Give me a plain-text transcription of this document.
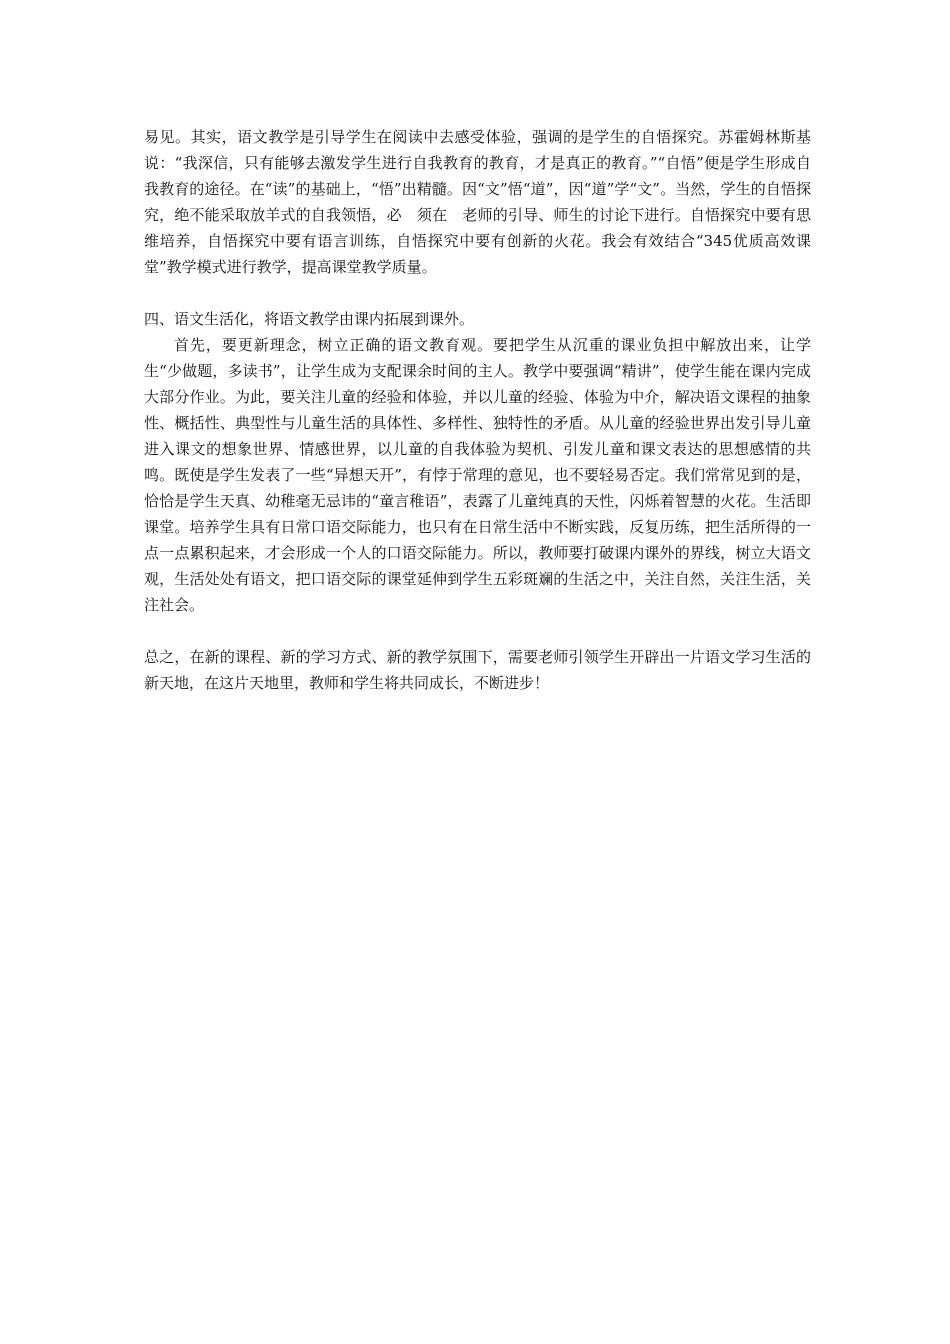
易见。其实，语文教学是引导学生在阅读中去感受体验，强调的是学生的自悟探究。苏霍姆林斯基说：“我深信，只有能够去激发学生进行自我教育的教育，才是真正的教育。”“自悟”便是学生形成自我教育的途径。在“读”的基础上，“悟”出精髓。因“文”悟“道”，因“道”学“文”。当然，学生的自悟探究，绝不能采取放羊式的自我领悟，必　须在　老师的引导、师生的讨论下进行。自悟探究中要有思维培养，自悟探究中要有语言训练，自悟探究中要有创新的火花。我会有效结合“345优质高效课堂”教学模式进行教学，提高课堂教学质量。

四、语文生活化，将语文教学由课内拓展到课外。

首先，要更新理念，树立正确的语文教育观。要把学生从沉重的课业负担中解放出来，让学生“少做题，多读书”，让学生成为支配课余时间的主人。教学中要强调“精讲”，使学生能在课内完成大部分作业。为此，要关注儿童的经验和体验，并以儿童的经验、体验为中介，解决语文课程的抽象性、概括性、典型性与儿童生活的具体性、多样性、独特性的矛盾。从儿童的经验世界出发引导儿童进入课文的想象世界、情感世界，以儿童的自我体验为契机、引发儿童和课文表达的思想感情的共鸣。既使是学生发表了一些“异想天开”，有悖于常理的意见，也不要轻易否定。我们常常见到的是，恰恰是学生天真、幼稚毫无忌讳的“童言稚语”，表露了儿童纯真的天性，闪烁着智慧的火花。生活即课堂。培养学生具有日常口语交际能力，也只有在日常生活中不断实践，反复历练，把生活所得的一点一点累积起来，才会形成一个人的口语交际能力。所以，教师要打破课内课外的界线，树立大语文观，生活处处有语文，把口语交际的课堂延伸到学生五彩斑斓的生活之中，关注自然，关注生活，关注社会。

总之，在新的课程、新的学习方式、新的教学氛围下，需要老师引领学生开辟出一片语文学习生活的新天地，在这片天地里，教师和学生将共同成长，不断进步！
